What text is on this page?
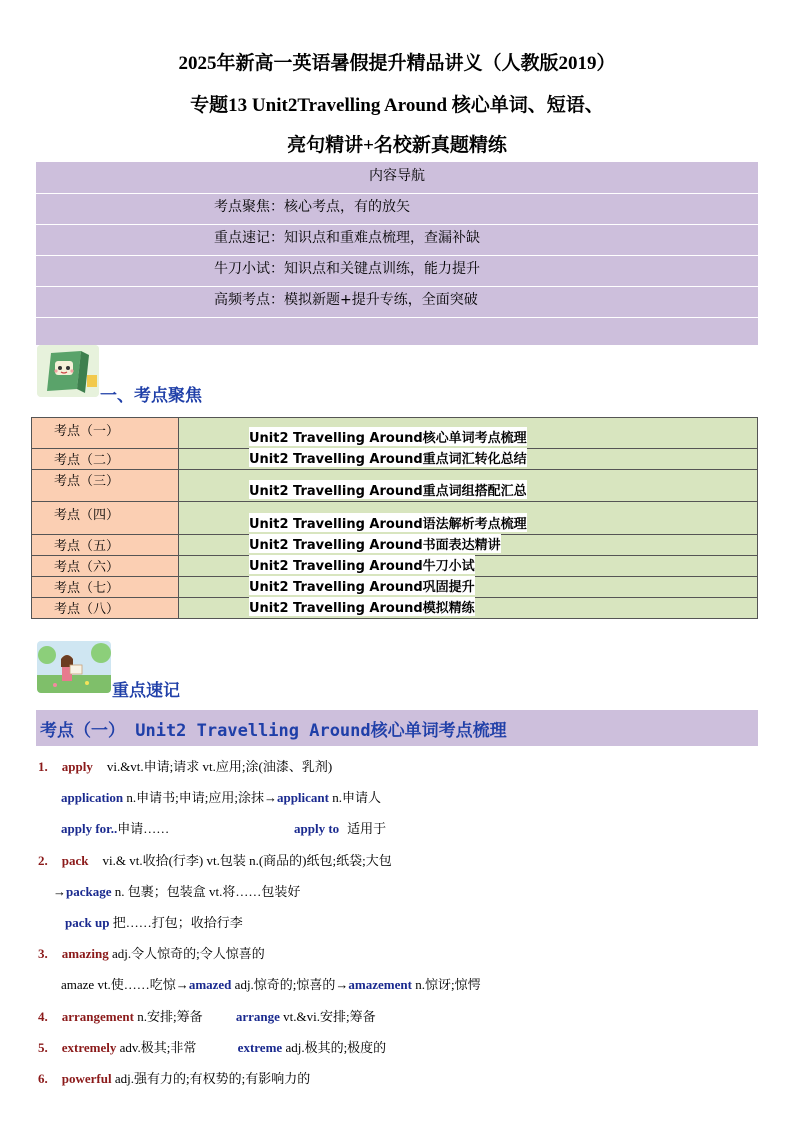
2025年新高一英语暑假提升精品讲义（人教版2019）
专题13 Unit2Travelling Around 核心单词、短语、
亮句精讲+名校新真题精练
内容导航
考点聚焦：核心考点，有的放矢
重点速记：知识点和重难点梳理，查漏补缺
牛刀小试：知识点和关键点训练，能力提升
高频考点：模拟新题+提升专练，全面突破
一、考点聚焦
考点（一）	Unit2 Travelling Around核心单词考点梳理

考点（二）	Unit2 Travelling Around重点词汇转化总结

考点（三）	Unit2 Travelling Around重点词组搭配汇总

考点（四）	Unit2 Travelling Around语法解析考点梳理

考点（五）	Unit2 Travelling Around书面表达精讲

考点（六）	Unit2 Travelling Around牛刀小试

考点（七）	Unit2 Travelling Around巩固提升

考点（八）	Unit2 Travelling Around模拟精练
重点速记
考点（一） Unit2 Travelling Around核心单词考点梳理
1. apply vi.&vt.申请;请求 vt.应用;涂(油漆、乳剂)
application n.申请书;申请;应用;涂抹→applicant n.申请人
apply for..申请……	apply to 适用于
2. pack vi.& vt.收拾(行李) vt.包装 n.(商品的)纸包;纸袋;大包
→package n. 包裹；包装盒 vt.将……包装好
pack up 把……打包；收拾行李
3. amazing adj.令人惊奇的;令人惊喜的
amaze vt.使……吃惊→amazed adj.惊奇的;惊喜的→amazement n.惊讶;惊愕
4. arrangement n.安排;筹备	arrange vt.&vi.安排;筹备
5. extremely adv.极其;非常	extreme adj.极其的;极度的
6. powerful adj.强有力的;有权势的;有影响力的
